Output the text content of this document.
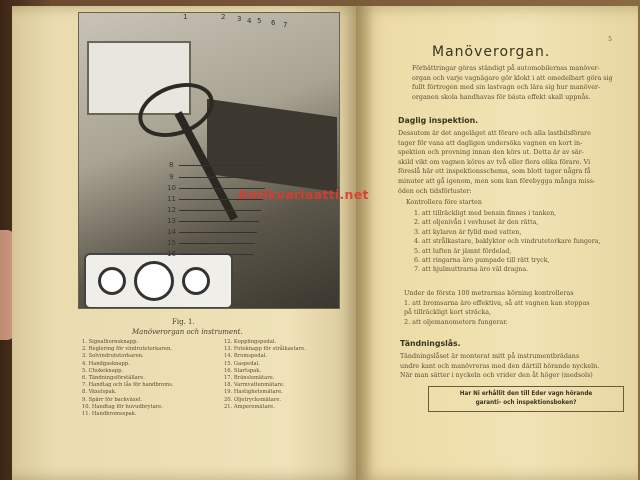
1	2 3 4 5 6 7
8
9
10
11
12
13
14
15
16
Fig. 1.
Manöverorgan och instrument.
1. Signalhornsknapp.
2. Reglering för vindrutetorkaren.
3. Solvindrutetorkaren.
4. Handgasknapp.
5. Chokeknapp.
6. Tändningsförställare.
7. Handtag och lås för handbroms.
8. Växelspak.
9. Spärr för backväxel.
10. Handtag för huvudbrytare.
11. Handbromsspak.
12. Kopplingspedal.
13. Fotoknapp för strålkastare.
14. Bromspedal.
15. Gaspedal.
16. Startspak.
17. Bränslemätare.
18. Varmvattenmätare.
19. Hastighetsmätare.
20. Oljetrycksmätare.
21. Amperemätare.
5
Manöverorgan.
Förbättringar göras ständigt på automobilernas manöver-
organ och varje vagnägare gör klokt i att omedelbart göra sig
fullt förtrogen med sin lastvagn och lära sig hur manöver-
organen skola handhavas för bästa effekt skall uppnås.
Daglig inspektion.
Dessutom är det angeläget att förare och alla lastbilsförare
tager för vana att dagligen undersöka vagnen en kort in-
spektion och provning innan den körs ut. Detta är av sär-
skild vikt om vagnen köres av två eller flera olika förare. Vi
föreslå här ett inspektionsschema, som blott tager några få
minuter att gå igenom, men som kan förebygga många miss-
öden och tidsförluster:
Kontrollera före starten
1. att tillräckligt med bensin finnes i tanken,
2. att oljenivån i vevhuset är den rätta,
3. att kylaren är fylld med vatten,
4. att strålkastare, baklyktor och vindrutetorkare fungera,
5. att luften är jämnt fördelad,
6. att ringarna äro pumpade till rätt tryck,
7. att hjulmuttrarna äro väl dragna.
Under de första 100 metrarnas körning kontrolleras
1. att bromsarna äro effektiva, så att vagnen kan stoppas
på tillräckligt kort sträcka,
2. att oljemanometern fungerar.
Tändningslås.
Tändningslåset är monterat mitt på instrumentbrädans
undre kant och manövreras med den därtill hörande nyckeln.
När man sätter i nyckeln och vrider den åt höger (medsols)
Har Ni erhållit den till Eder vagn hörande
garanti- och inspektionsboken?
Antikvariaatti.net
